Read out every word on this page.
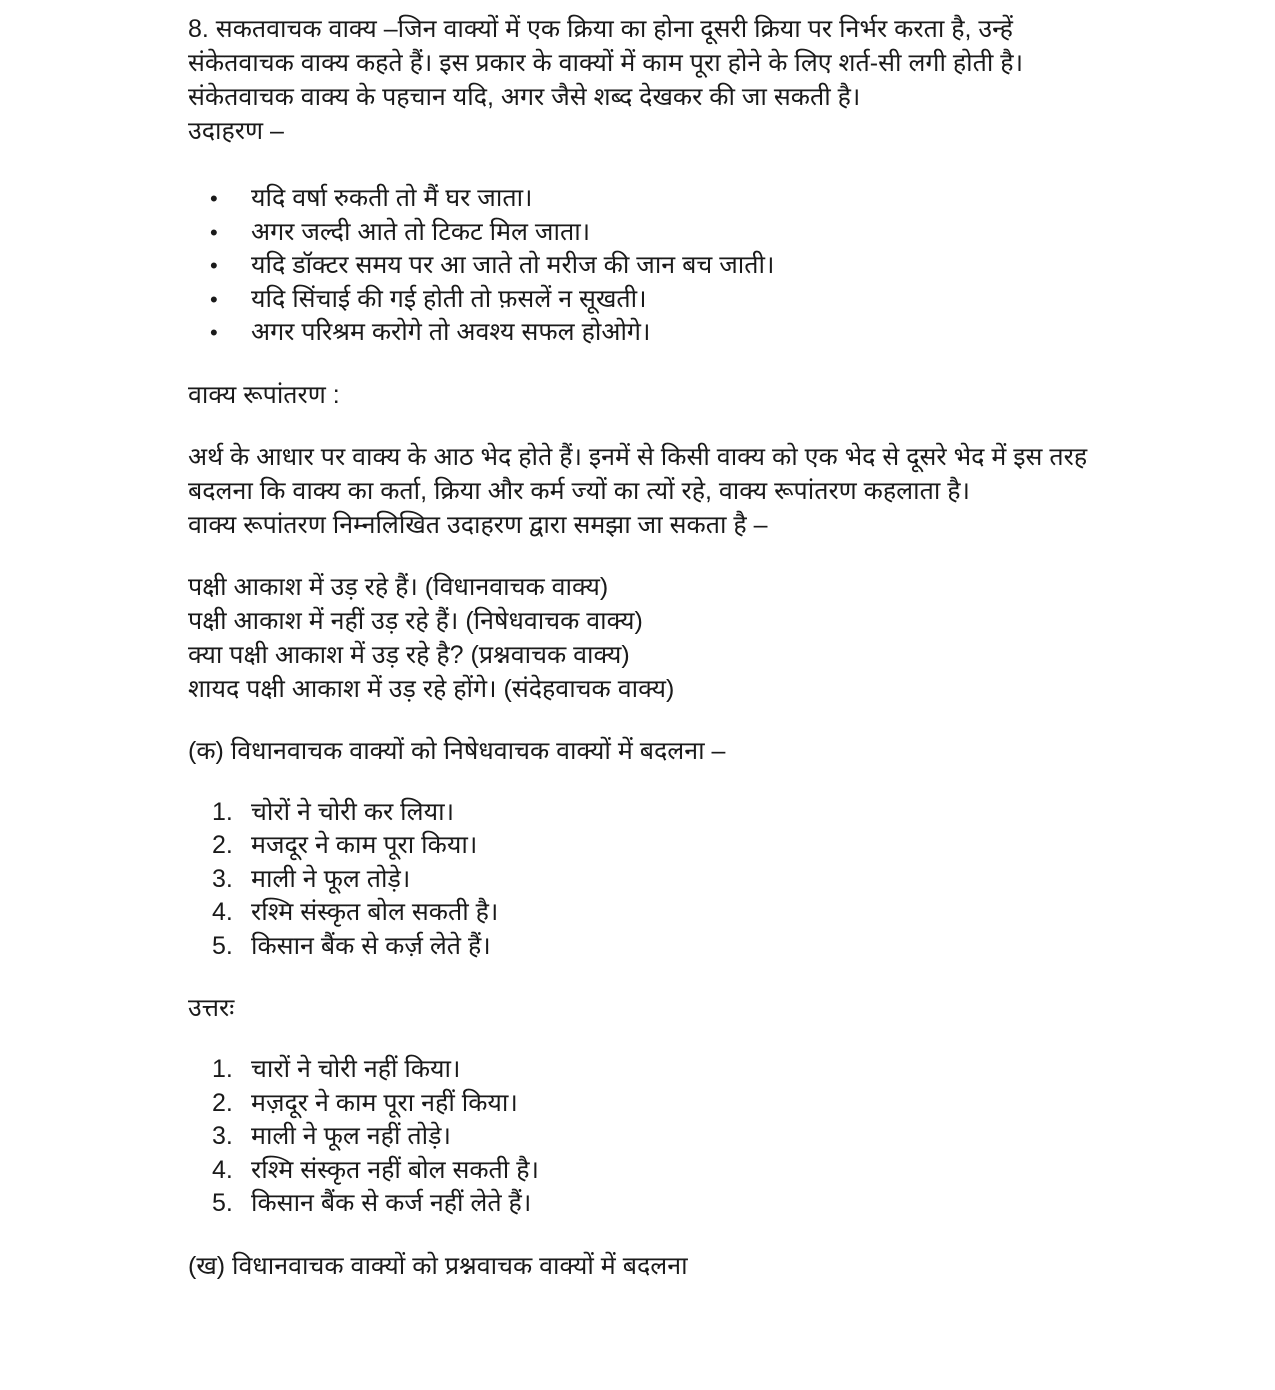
8. सकतवाचक वाक्य –जिन वाक्यों में एक क्रिया का होना दूसरी क्रिया पर निर्भर करता है, उन्हें

संकेतवाचक वाक्य कहते हैं। इस प्रकार के वाक्यों में काम पूरा होने के लिए शर्त-सी लगी होती है।

संकेतवाचक वाक्य के पहचान यदि, अगर जैसे शब्द देखकर की जा सकती है।

उदाहरण –

• यदि वर्षा रुकती तो मैं घर जाता।
• अगर जल्दी आते तो टिकट मिल जाता।
• यदि डॉक्टर समय पर आ जाते तो मरीज की जान बच जाती।
• यदि सिंचाई की गई होती तो फ़सलें न सूखती।
• अगर परिश्रम करोगे तो अवश्य सफल होओगे।

वाक्य रूपांतरण :

अर्थ के आधार पर वाक्य के आठ भेद होते हैं। इनमें से किसी वाक्य को एक भेद से दूसरे भेद में इस तरह

बदलना कि वाक्य का कर्ता, क्रिया और कर्म ज्यों का त्यों रहे, वाक्य रूपांतरण कहलाता है।

वाक्य रूपांतरण निम्नलिखित उदाहरण द्वारा समझा जा सकता है –

पक्षी आकाश में उड़ रहे हैं। (विधानवाचक वाक्य)

पक्षी आकाश में नहीं उड़ रहे हैं। (निषेधवाचक वाक्य)

क्या पक्षी आकाश में उड़ रहे है? (प्रश्नवाचक वाक्य)

शायद पक्षी आकाश में उड़ रहे होंगे। (संदेहवाचक वाक्य)

(क) विधानवाचक वाक्यों को निषेधवाचक वाक्यों में बदलना –

1. चोरों ने चोरी कर लिया।
2. मजदूर ने काम पूरा किया।
3. माली ने फूल तोड़े।
4. रश्मि संस्कृत बोल सकती है।
5. किसान बैंक से कर्ज़ लेते हैं।

उत्तरः

1. चारों ने चोरी नहीं किया।
2. मज़दूर ने काम पूरा नहीं किया।
3. माली ने फूल नहीं तोड़े।
4. रश्मि संस्कृत नहीं बोल सकती है।
5. किसान बैंक से कर्ज नहीं लेते हैं।

(ख) विधानवाचक वाक्यों को प्रश्नवाचक वाक्यों में बदलना
